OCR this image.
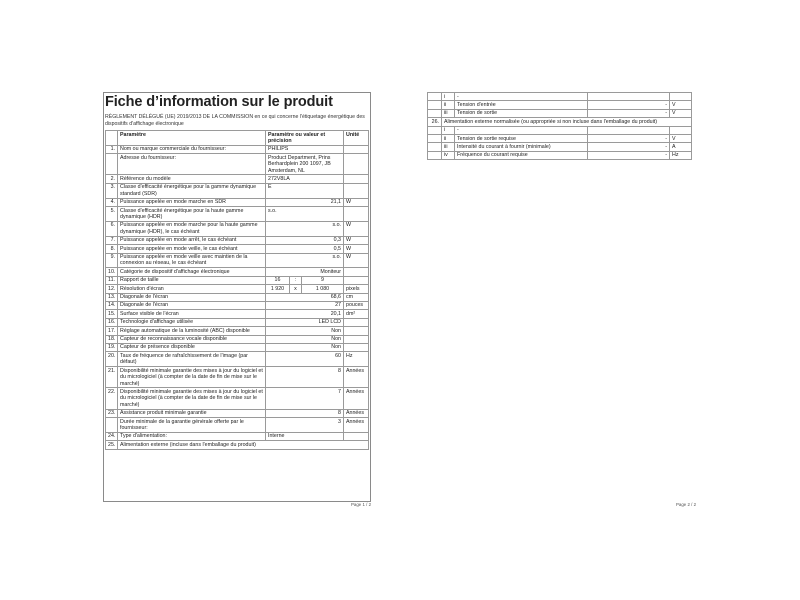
Fiche d’information sur le produit
RÈGLEMENT DÉLÉGUÉ (UE) 2019/2013 DE LA COMMISSION en ce qui concerne l'étiquetage énergétique des dispositifs d'affichage électronique
	Paramètre	Paramètre ou valeur et précision			Unité
1.	Nom ou marque commerciale du fournisseur:	PHILIPS			
	Adresse du fournisseur:	Product Department, Prins Berhardplein 200 1097, JB Amsterdam, NL			
2.	Référence du modèle	272V8LA			
3.	Classe d'efficacité énergétique pour la gamme dynamique standard (SDR)	E			
4.	Puissance appelée en mode marche en SDR	21,1			W
5.	Classe d'efficacité énergétique pour la haute gamme dynamique (HDR)	s.o.			
6.	Puissance appelée en mode marche pour la haute gamme dynamique (HDR), le cas échéant	s.o.			W
7.	Puissance appelée en mode arrêt, le cas échéant	0,3			W
8.	Puissance appelée en mode veille, le cas échéant	0,5			W
9.	Puissance appelée en mode veille avec maintien de la connexion au réseau, le cas échéant	s.o.			W
10.	Catégorie de dispositif d'affichage électronique	Moniteur			
11.	Rapport de taille	16	:	9	
12.	Résolution d'écran	1 920	x	1 080	pixels
13.	Diagonale de l'écran	68,6			cm
14.	Diagonale de l'écran	27			pouces
15.	Surface visible de l'écran	20,1			dm²
16.	Technologie d'affichage utilisée	LED LCD			
17.	Réglage automatique de la luminosité (ABC) disponible	Non			
18.	Capteur de reconnaissance vocale disponible	Non			
19.	Capteur de présence disponible	Non			
20.	Taux de fréquence de rafraîchissement de l'image (par défaut)	60			Hz
21.	Disponibilité minimale garantie des mises à jour du logiciel et du micrologiciel (à compter de la date de fin de mise sur le marché)	8			Années
22.	Disponibilité minimale garantie des mises à jour du logiciel et du micrologiciel (à compter de la date de fin de mise sur le marché)	7			Années
23.	Assistance produit minimale garantie	8			Années
	Durée minimale de la garantie générale offerte par le fournisseur:	3			Années
24.	Type d'alimentation:	Interne			
25.	Alimentation externe (incluse dans l'emballage du produit)				
Page 1 / 2
	i	-		
	ii	Tension d'entrée	-	V
	iii	Tension de sortie	-	V
26.	Alimentation externe normalisée (ou appropriée si non incluse dans l'emballage du produit)			
	i	-		
	ii	Tension de sortie requise	-	V
	iii	Intensité du courant à fournir (minimale)	-	A
	iv	Fréquence du courant requise	-	Hz
Page 2 / 2
